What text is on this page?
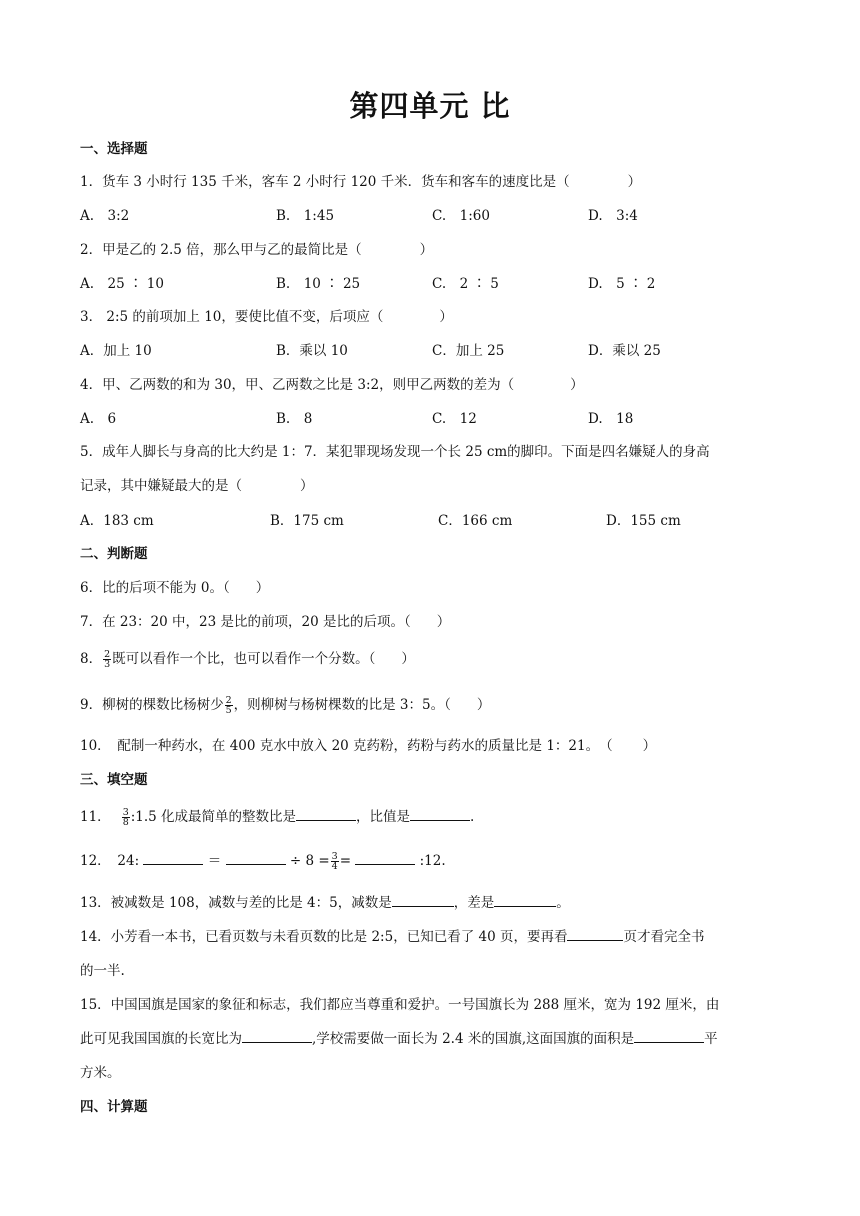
第四单元 比
一、选择题
1．货车 3 小时行 135 千米，客车 2 小时行 120 千米．货车和客车的速度比是（	）
A.　3:2	B.　1:45	C.　1:60	D.　3:4
2．甲是乙的 2.5 倍，那么甲与乙的最简比是（	）
A.　25 ∶ 10	B.　10 ∶ 25	C.　2 ∶ 5	D.　5 ∶ 2
3． 2:5 的前项加上 10，要使比值不变，后项应（	）
A．加上 10	B．乘以 10	C．加上 25	D．乘以 25
4．甲、乙两数的和为 30，甲、乙两数之比是 3:2，则甲乙两数的差为（	）
A.　6	B.　8	C.　12	D.　18
5．成年人脚长与身高的比大约是 1：7．某犯罪现场发现一个长 25 cm的脚印。下面是四名嫌疑人的身高
记录，其中嫌疑最大的是（	）
A．183 cm	B．175 cm	C．166 cm	D．155 cm
二、判断题
6．比的后项不能为 0。（ ）
7．在 23：20 中，23 是比的前项，20 是比的后项。（ ）
8． $\frac{2}{3}$ 既可以看作一个比，也可以看作一个分数。（ ）
9．柳树的棵数比杨树少 $\frac{2}{5}$ ，则柳树与杨树棵数的比是 3：5。（ ）
10．　配制一种药水，在 400 克水中放入 20 克药粉，药粉与药水的质量比是 1：21。　（ ）
三、填空题
11． $\frac{3}{8}$ :1.5 化成最简单的整数比是	，比值是	.
12．　24:	＝	÷ $8 = \frac{3}{4}$ =	:12.
13．被减数是 108，减数与差的比是 4：5，减数是	，差是	。
14．小芳看一本书，已看页数与未看页数的比是 2:5，已知已看了 40 页，要再看	页才看完全书
的一半.
15．中国国旗是国家的象征和标志，我们都应当尊重和爱护。一号国旗长为 288 厘米，宽为 192 厘米，由
此可见我国国旗的长宽比为	,学校需要做一面长为 2.4 米的国旗,这面国旗的面积是	平
方米。
四、计算题
